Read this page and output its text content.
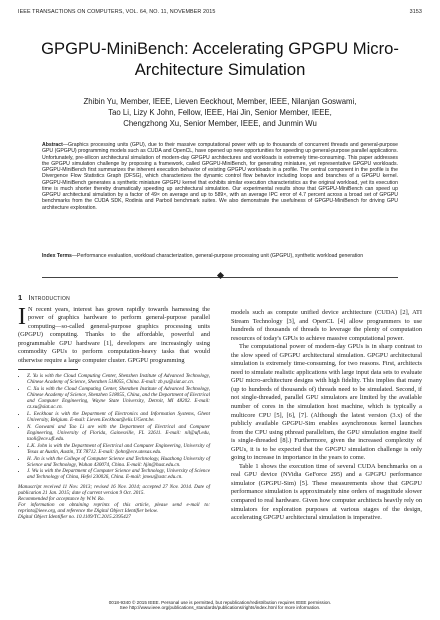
IEEE TRANSACTIONS ON COMPUTERS, VOL. 64, NO. 11, NOVEMBER 2015	3153
GPGPU-MiniBench: Accelerating GPGPU Micro-Architecture Simulation
Zhibin Yu, Member, IEEE, Lieven Eeckhout, Member, IEEE, Nilanjan Goswami,
Tao Li, Lizy K John, Fellow, IEEE, Hai Jin, Senior Member, IEEE,
Chengzhong Xu, Senior Member, IEEE, and Junmin Wu
Abstract—Graphics processing units (GPU), due to their massive computational power with up to thousands of concurrent threads and general-purpose GPU (GPGPU) programming models such as CUDA and OpenCL, have opened up new opportunities for speeding up general-purpose parallel applications. Unfortunately, pre-silicon architectural simulation of modern-day GPGPU architectures and workloads is extremely time-consuming. This paper addresses the GPGPU simulation challenge by proposing a framework, called GPGPU-MiniBench, for generating miniature, yet representative GPGPU workloads. GPGPU-MiniBench first summarizes the inherent execution behavior of existing GPGPU workloads in a profile. The central component in the profile is the Divergence Flow Statistics Graph (DFSG), which characterizes the dynamic control flow behavior including loops and branches of a GPGPU kernel. GPGPU-MiniBench generates a synthetic miniature GPGPU kernel that exhibits similar execution characteristics as the original workload, yet its execution time is much shorter thereby dramatically speeding up architectural simulation. Our experimental results show that GPGPU-MiniBench can speed up GPGPU architectural simulation by a factor of 49× on average and up to 589×, with an average IPC error of 4.7 percent across a broad set of GPGPU benchmarks from the CUDA SDK, Rodinia and Parboil benchmark suites. We also demonstrate the usefulness of GPGPU-MiniBench for driving GPU architecture exploration.
Index Terms—Performance evaluation, workload characterization, general-purpose processing unit (GPGPU), synthetic workload generation
1 Introduction

I N recent years, interest has grown rapidly towards harnessing the power of graphics hardware to perform general-purpose parallel computing—so-called general-purpose graphics processing units (GPGPU) computing. Thanks to the affordable, powerful and programmable GPU hardware [1], developers are increasingly using commodity GPUs to perform computation-heavy tasks that would otherwise require a large computer cluster. GPGPU programming

• Z. Yu is with the Cloud Computing Center, Shenzhen Institute of Advanced Technology, Chinese Academy of Science, Shenzhen 518055, China. E-mail: zb.yu@siat.ac.cn.
• C. Xu is with the Cloud Computing Center, Shenzhen Institute of Advanced Technology, Chinese Academy of Science, Shenzhen 518055, China, and the Department of Electrical and Computer Engineering, Wayne State University, Detroit, MI 48202. E-mail: cz.xu@siat.ac.cn.
• L. Eeckhout is with the Department of Electronics and Information Systems, Ghent University, Belgium. E-mail: Lieven.Eeckhout@elis.UGent.be.
• N. Goswami and Tao Li are with the Department of Electrical and Computer Engineering, University of Florida, Gainesville, FL 32611. E-mail: nil@ufl.edu, taoli@ece.ufl.edu.
• L.K. John is with the Department of Electrical and Computer Engineering, University of Texas at Austin, Austin, TX 78712. E-mail: ljohn@ece.utexas.edu.
• H. Jin is with the College of Computer Science and Technology, Huazhong University of Science and Technology, Wuhan 430074, China. E-mail: hjin@hust.edu.cn.
• J. Wu is with the Department of Computer Science and Technology, University of Science and Technology of China, Hefei 230026, China. E-mail: jmwu@ustc.edu.cn.
Manuscript received 11 Nov. 2013; revised 16 Nov. 2014; accepted 27 Nov. 2014. Date of publication 21 Jan. 2015; date of current version 9 Oct. 2015.
Recommended for acceptance by W.W. Ro.
For information on obtaining reprints of this article, please send e-mail to: reprints@ieee.org, and reference the Digital Object Identifier below.
Digital Object Identifier no. 10.1109/TC.2015.2395427

models such as compute unified device architecture (CUDA) [2], ATI Stream Technology [3], and OpenCL [4] allow programmers to use hundreds of thousands of threads to leverage the plenty of computation resources of today's GPUs to achieve massive computational power.

The computational power of modern-day GPUs is in sharp contrast to the slow speed of GPGPU architectural simulation. GPGPU architectural simulation is extremely time-consuming, for two reasons. First, architects need to simulate realistic applications with large input data sets to evaluate GPU micro-architecture designs with high fidelity. This implies that many (up to hundreds of thousands of) threads need to be simulated. Second, if not single-threaded, parallel GPU simulators are limited by the available number of cores in the simulation host machine, which is typically a multicore CPU [5], [6], [7]. (Although the latest version (3.x) of the publicly available GPGPU-Sim enables asynchronous kernel launches from the CPU using pthread parallelism, the GPU simulation engine itself is single-threaded [8].) Furthermore, given the increased complexity of GPUs, it is to be expected that the GPGPU simulation challenge is only going to increase in importance in the years to come.

Table 1 shows the execution time of several CUDA benchmarks on a real GPU device (NVidia GeForce 295) and a GPGPU performance simulator (GPGPU-Sim) [5]. These measurements show that GPGPU performance simulation is approximately nine orders of magnitude slower compared to real hardware. Given how computer architects heavily rely on simulators for exploration purposes at various stages of the design, accelerating GPGPU architectural simulation is imperative.

0018-9340 © 2015 IEEE. Personal use is permitted, but republication/redistribution requires IEEE permission.
See http://www.ieee.org/publications_standards/publications/rights/index.html for more information.
